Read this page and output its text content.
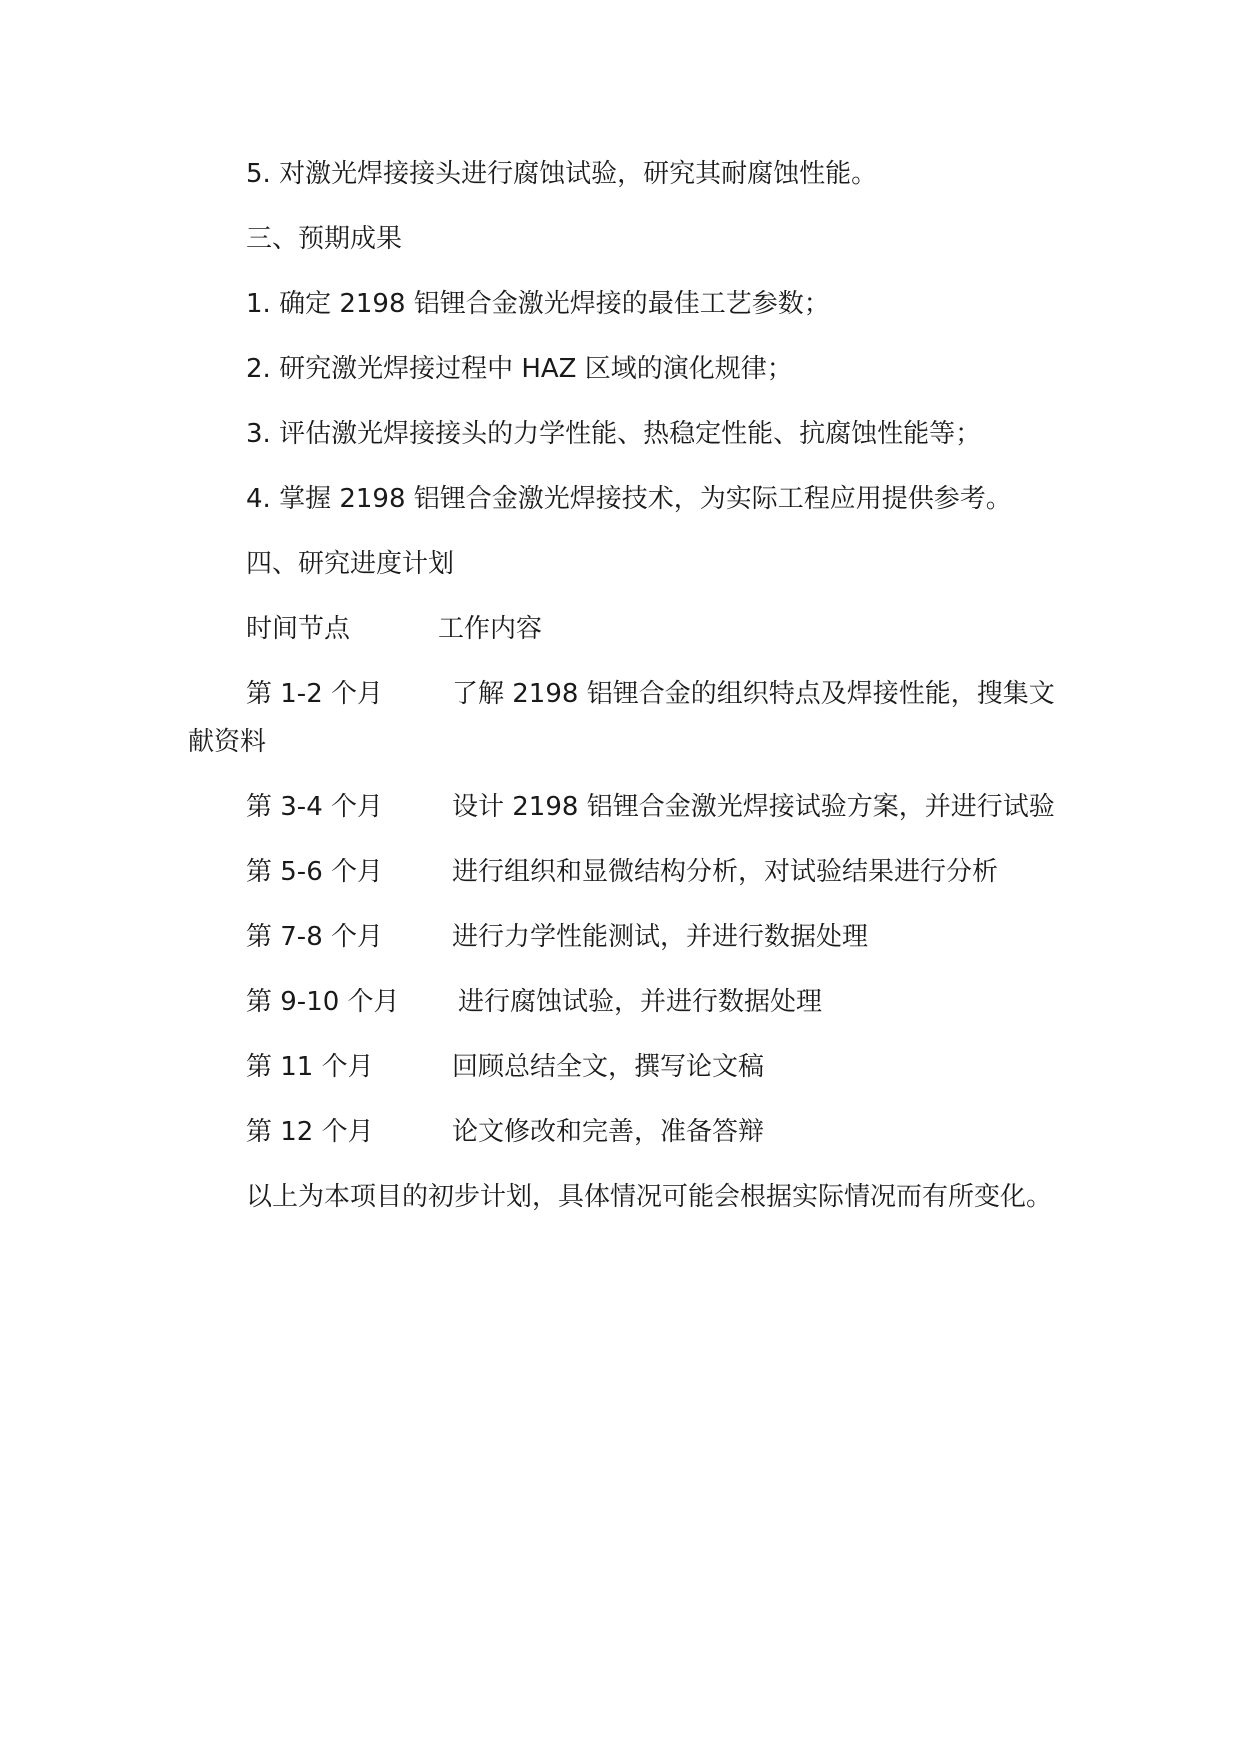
5. 对激光焊接接头进行腐蚀试验，研究其耐腐蚀性能。

三、预期成果

1. 确定 2198 铝锂合金激光焊接的最佳工艺参数；

2. 研究激光焊接过程中 HAZ 区域的演化规律；

3. 评估激光焊接接头的力学性能、热稳定性能、抗腐蚀性能等；

4. 掌握 2198 铝锂合金激光焊接技术，为实际工程应用提供参考。

四、研究进度计划

时间节点	工作内容

第 1-2 个月	了解 2198 铝锂合金的组织特点及焊接性能，搜集文献资料

第 3-4 个月	设计 2198 铝锂合金激光焊接试验方案，并进行试验

第 5-6 个月	进行组织和显微结构分析，对试验结果进行分析

第 7-8 个月	进行力学性能测试，并进行数据处理

第 9-10 个月 进行腐蚀试验，并进行数据处理

第 11 个月	回顾总结全文，撰写论文稿

第 12 个月	论文修改和完善，准备答辩

以上为本项目的初步计划，具体情况可能会根据实际情况而有所变化。
